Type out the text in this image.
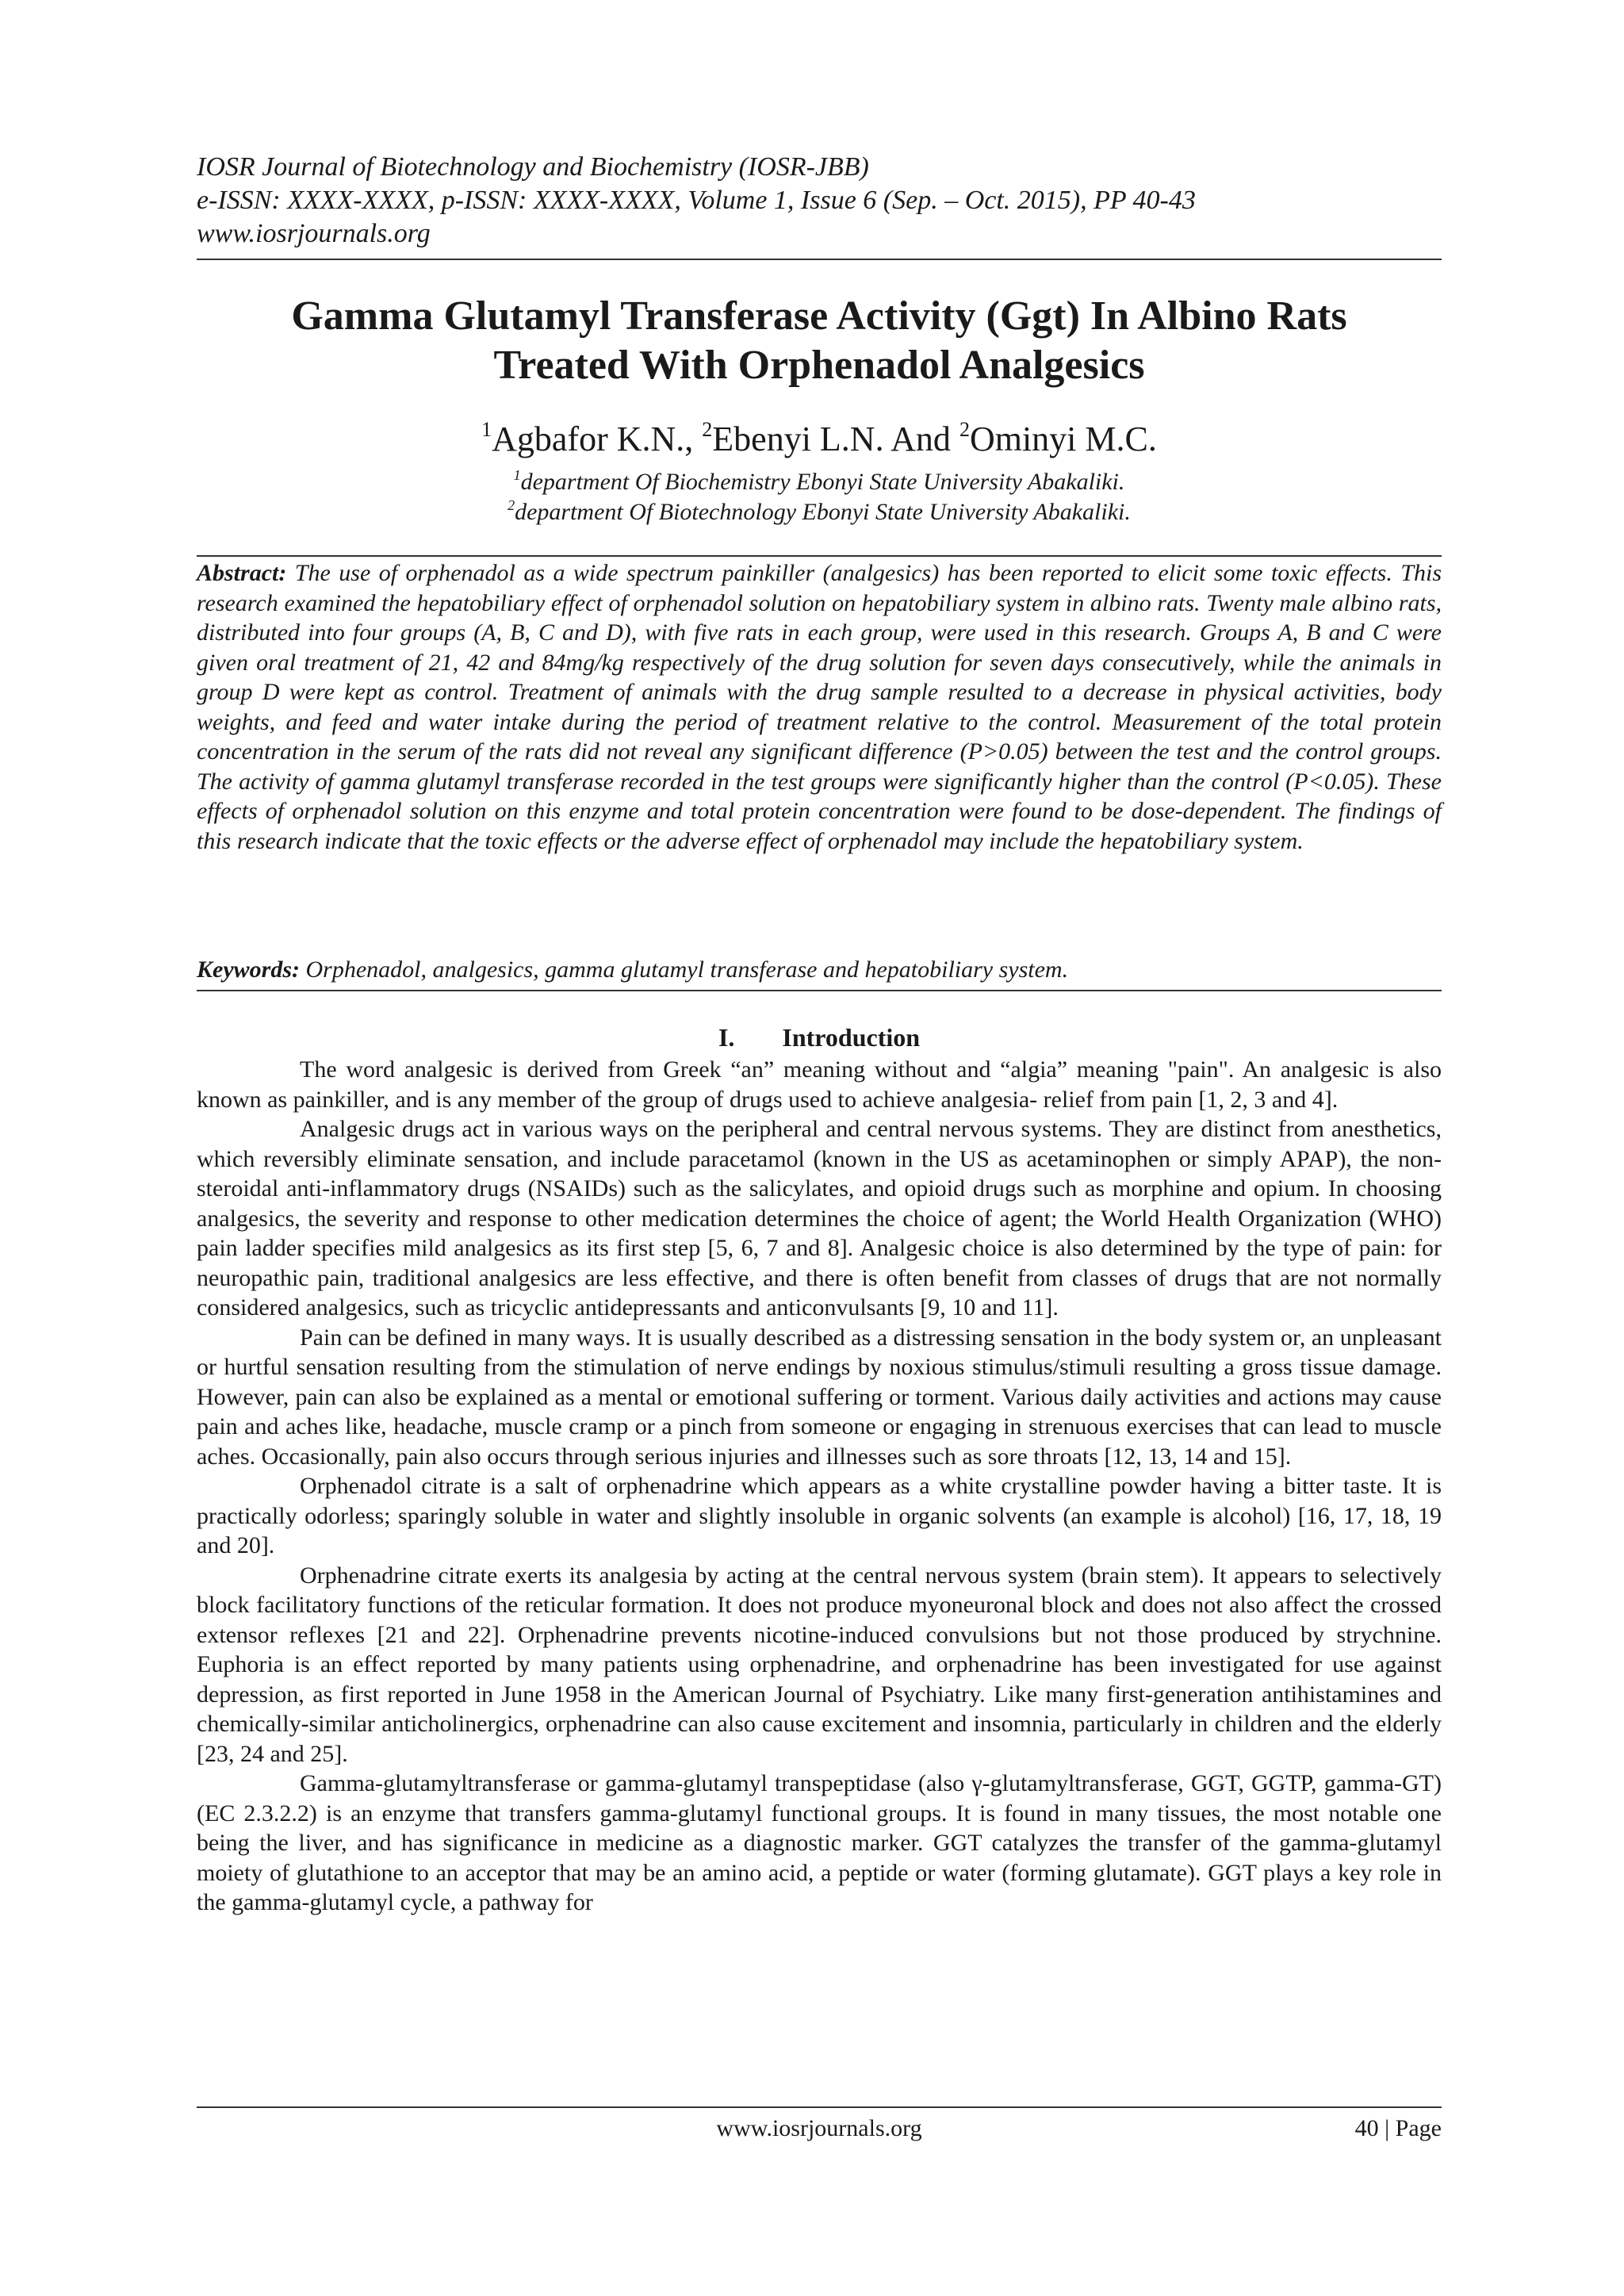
IOSR Journal of Biotechnology and Biochemistry (IOSR-JBB)
e-ISSN: XXXX-XXXX, p-ISSN: XXXX-XXXX, Volume 1, Issue 6 (Sep. – Oct. 2015), PP 40-43
www.iosrjournals.org
Gamma Glutamyl Transferase Activity (Ggt) In Albino Rats
Treated With Orphenadol Analgesics
$^1$Agbafor K.N., $^2$Ebenyi L.N. And $^2$Ominyi M.C.
$^1$department Of Biochemistry Ebonyi State University Abakaliki.
$^2$department Of Biotechnology Ebonyi State University Abakaliki.
Abstract: The use of orphenadol as a wide spectrum painkiller (analgesics) has been reported to elicit some toxic effects. This research examined the hepatobiliary effect of orphenadol solution on hepatobiliary system in albino rats. Twenty male albino rats, distributed into four groups (A, B, C and D), with five rats in each group, were used in this research. Groups A, B and C were given oral treatment of 21, 42 and 84mg/kg respectively of the drug solution for seven days consecutively, while the animals in group D were kept as control. Treatment of animals with the drug sample resulted to a decrease in physical activities, body weights, and feed and water intake during the period of treatment relative to the control. Measurement of the total protein concentration in the serum of the rats did not reveal any significant difference (P>0.05) between the test and the control groups. The activity of gamma glutamyl transferase recorded in the test groups were significantly higher than the control (P<0.05). These effects of orphenadol solution on this enzyme and total protein concentration were found to be dose-dependent. The findings of this research indicate that the toxic effects or the adverse effect of orphenadol may include the hepatobiliary system.
Keywords: Orphenadol, analgesics, gamma glutamyl transferase and hepatobiliary system.
I. Introduction

The word analgesic is derived from Greek “an” meaning without and “algia” meaning "pain". An analgesic is also known as painkiller, and is any member of the group of drugs used to achieve analgesia- relief from pain [1, 2, 3 and 4].

Analgesic drugs act in various ways on the peripheral and central nervous systems. They are distinct from anesthetics, which reversibly eliminate sensation, and include paracetamol (known in the US as acetaminophen or simply APAP), the non-steroidal anti-inflammatory drugs (NSAIDs) such as the salicylates, and opioid drugs such as morphine and opium. In choosing analgesics, the severity and response to other medication determines the choice of agent; the World Health Organization (WHO) pain ladder specifies mild analgesics as its first step [5, 6, 7 and 8]. Analgesic choice is also determined by the type of pain: for neuropathic pain, traditional analgesics are less effective, and there is often benefit from classes of drugs that are not normally considered analgesics, such as tricyclic antidepressants and anticonvulsants [9, 10 and 11].

Pain can be defined in many ways. It is usually described as a distressing sensation in the body system or, an unpleasant or hurtful sensation resulting from the stimulation of nerve endings by noxious stimulus/stimuli resulting a gross tissue damage. However, pain can also be explained as a mental or emotional suffering or torment. Various daily activities and actions may cause pain and aches like, headache, muscle cramp or a pinch from someone or engaging in strenuous exercises that can lead to muscle aches. Occasionally, pain also occurs through serious injuries and illnesses such as sore throats [12, 13, 14 and 15].

Orphenadol citrate is a salt of orphenadrine which appears as a white crystalline powder having a bitter taste. It is practically odorless; sparingly soluble in water and slightly insoluble in organic solvents (an example is alcohol) [16, 17, 18, 19 and 20].

Orphenadrine citrate exerts its analgesia by acting at the central nervous system (brain stem). It appears to selectively block facilitatory functions of the reticular formation. It does not produce myoneuronal block and does not also affect the crossed extensor reflexes [21 and 22]. Orphenadrine prevents nicotine-induced convulsions but not those produced by strychnine. Euphoria is an effect reported by many patients using orphenadrine, and orphenadrine has been investigated for use against depression, as first reported in June 1958 in the American Journal of Psychiatry. Like many first-generation antihistamines and chemically-similar anticholinergics, orphenadrine can also cause excitement and insomnia, particularly in children and the elderly [23, 24 and 25].

Gamma-glutamyltransferase or gamma-glutamyl transpeptidase (also γ-glutamyltransferase, GGT, GGTP, gamma-GT) (EC 2.3.2.2) is an enzyme that transfers gamma-glutamyl functional groups. It is found in many tissues, the most notable one being the liver, and has significance in medicine as a diagnostic marker. GGT catalyzes the transfer of the gamma-glutamyl moiety of glutathione to an acceptor that may be an amino acid, a peptide or water (forming glutamate). GGT plays a key role in the gamma-glutamyl cycle, a pathway for

www.iosrjournals.org	40 | Page
